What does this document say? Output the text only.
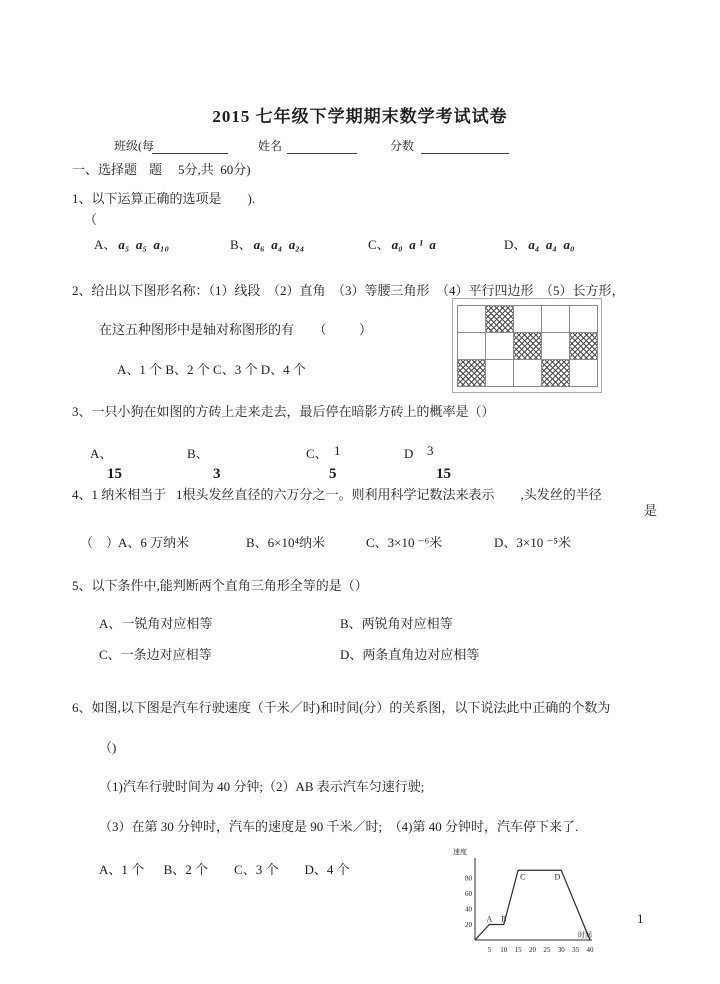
2015 七年级下学期期末数学考试试卷
班级(每	姓名	分数
一、选择题 题 5分,共  60分)
1、以下运算正确的选项是        ).
（
A、 a₅  a₅  a₁₀	B、 a₆  a₄  a₂₄	C、 a₀  a ¹  a	D、 a₄  a₄  a₀
2、给出以下图形名称：（1）线段  （2）直角  （3）等腰三角形  （4）平行四边形  （5）长方形，
在这五种图形中是轴对称图形的有      （          ）
A、1 个 B、2 个 C、3 个 D、4 个
3、一只小狗在如图的方砖上走来走去，最后停在暗影方砖上的概率是（）
A、
15
B、
3
C、 1
5
D 3
15
4、1 纳米相当于   1根头发丝直径的六万分之一。则利用科学记数法来表示        ,头发丝的半径
是
（    ）
A、6 万纳米	B、6×10⁴纳米	C、3×10 ⁻⁶米	D、3×10 ⁻⁵米
5、以下条件中,能判断两个直角三角形全等的是（）
A、一锐角对应相等	B、两锐角对应相等
C、一条边对应相等	D、两条直角边对应相等
6、如图,以下图是汽车行驶速度（千米／时)和时间(分）的关系图，以下说法此中正确的个数为
（)
（1)汽车行驶时间为 40 分钟;（2）AB 表示汽车匀速行驶;
（3）在第 30 分钟时，汽车的速度是 90 千米／时;  （4)第 40 分钟时，汽车停下来了.
A、1 个      B、2 个        C、3 个        D、4 个
20
40
60
80
5 10 15 20 25 30 35 40
速度
时间
A B
C	D
1
